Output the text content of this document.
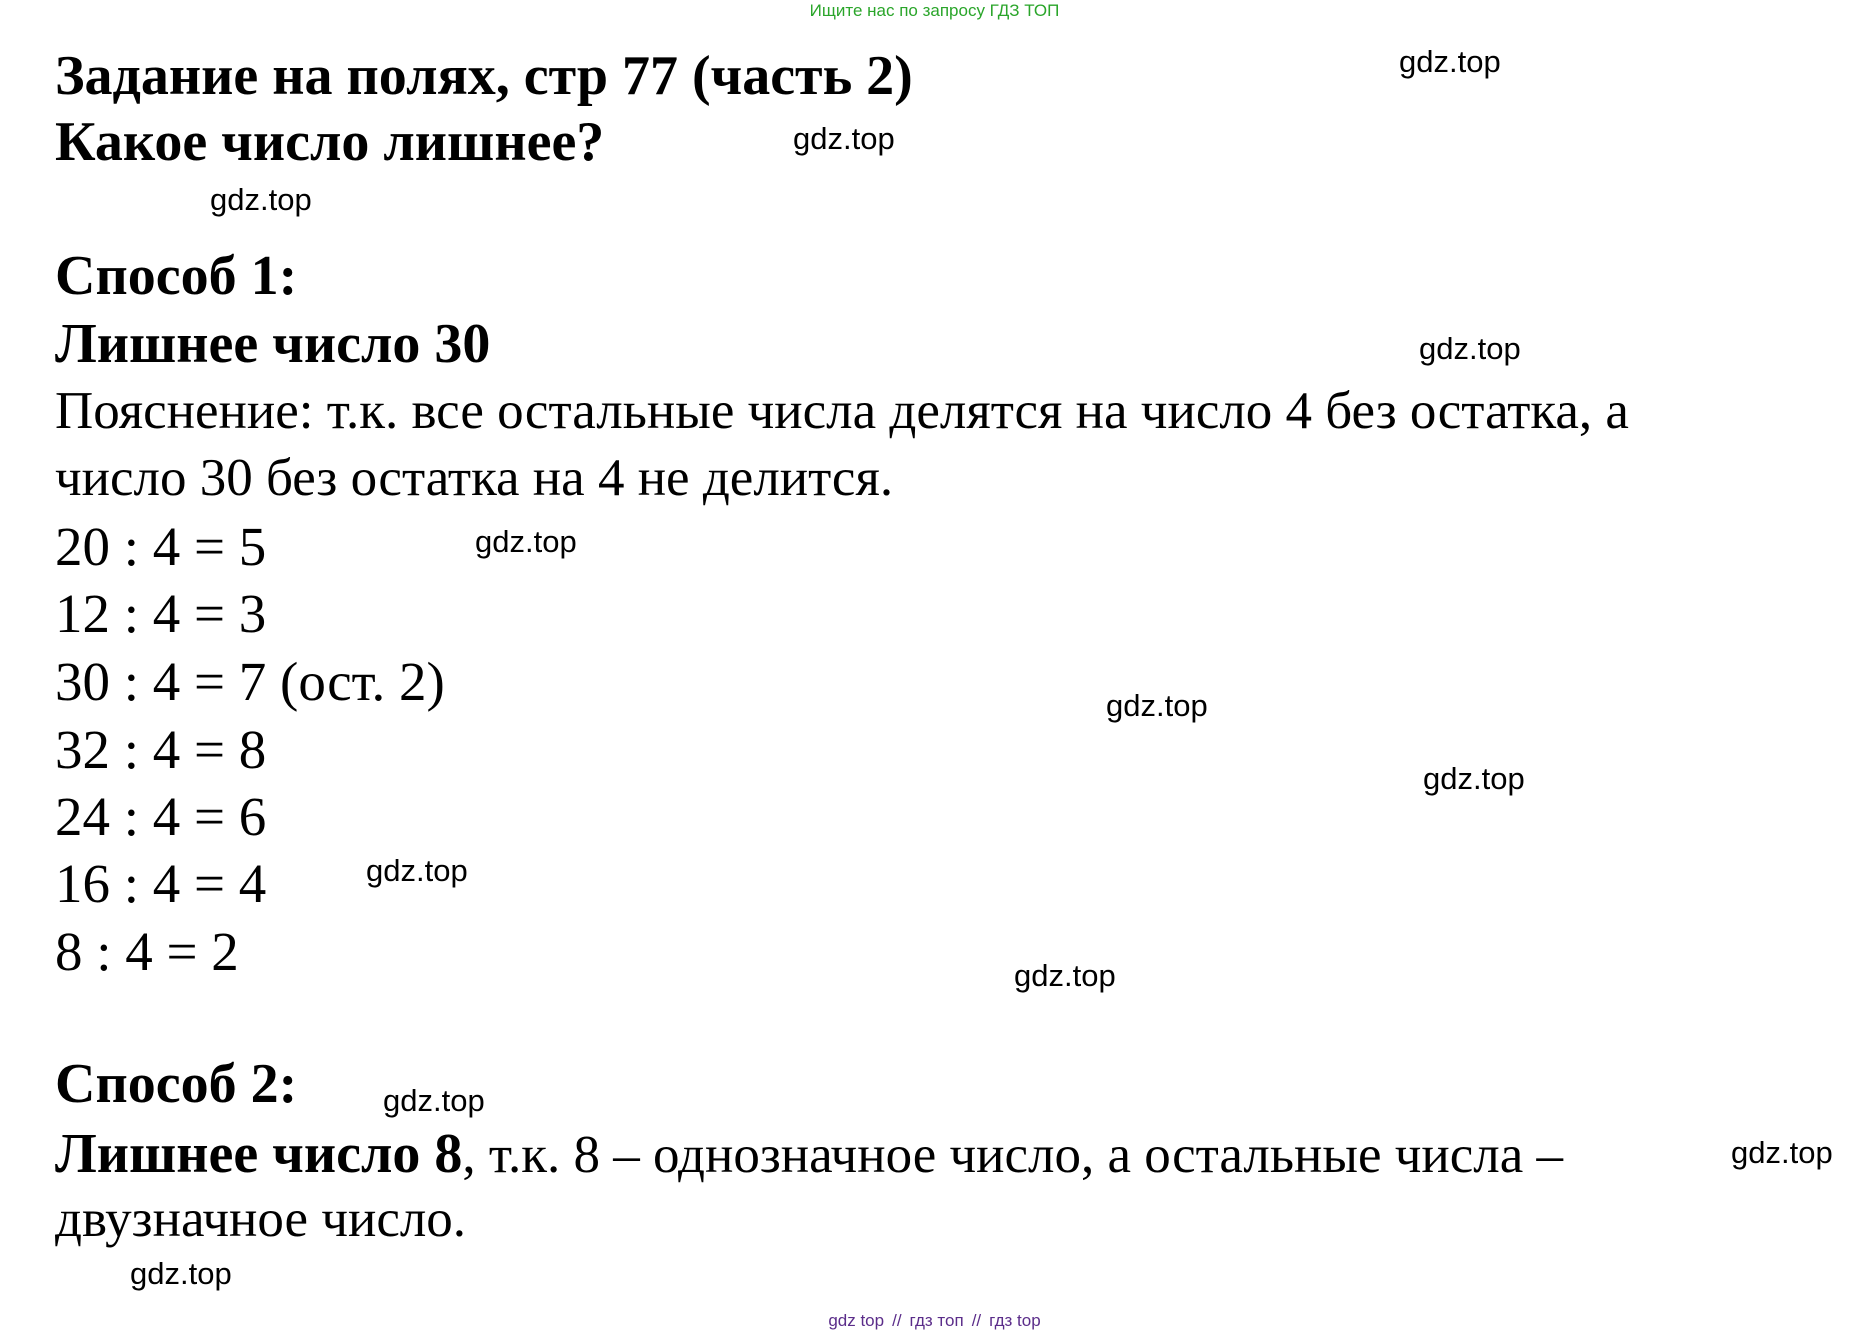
Ищите нас по запросу ГДЗ ТОП
Задание на полях, стр 77 (часть 2)
Какое число лишнее?
Способ 1:
Лишнее число 30
Пояснение: т.к. все остальные числа делятся на число 4 без остатка, а
число 30 без остатка на 4 не делится.
20 : 4 = 5
12 : 4 = 3
30 : 4 = 7 (ост. 2)
32 : 4 = 8
24 : 4 = 6
16 : 4 = 4
8 : 4 = 2
Способ 2:
Лишнее число 8, т.к. 8 – однозначное число, а остальные числа –
двузначное число.
gdz.top
gdz.top
gdz.top
gdz.top
gdz.top
gdz.top
gdz.top
gdz.top
gdz.top
gdz.top
gdz.top
gdz.top
gdz top // гдз топ // гдз top
